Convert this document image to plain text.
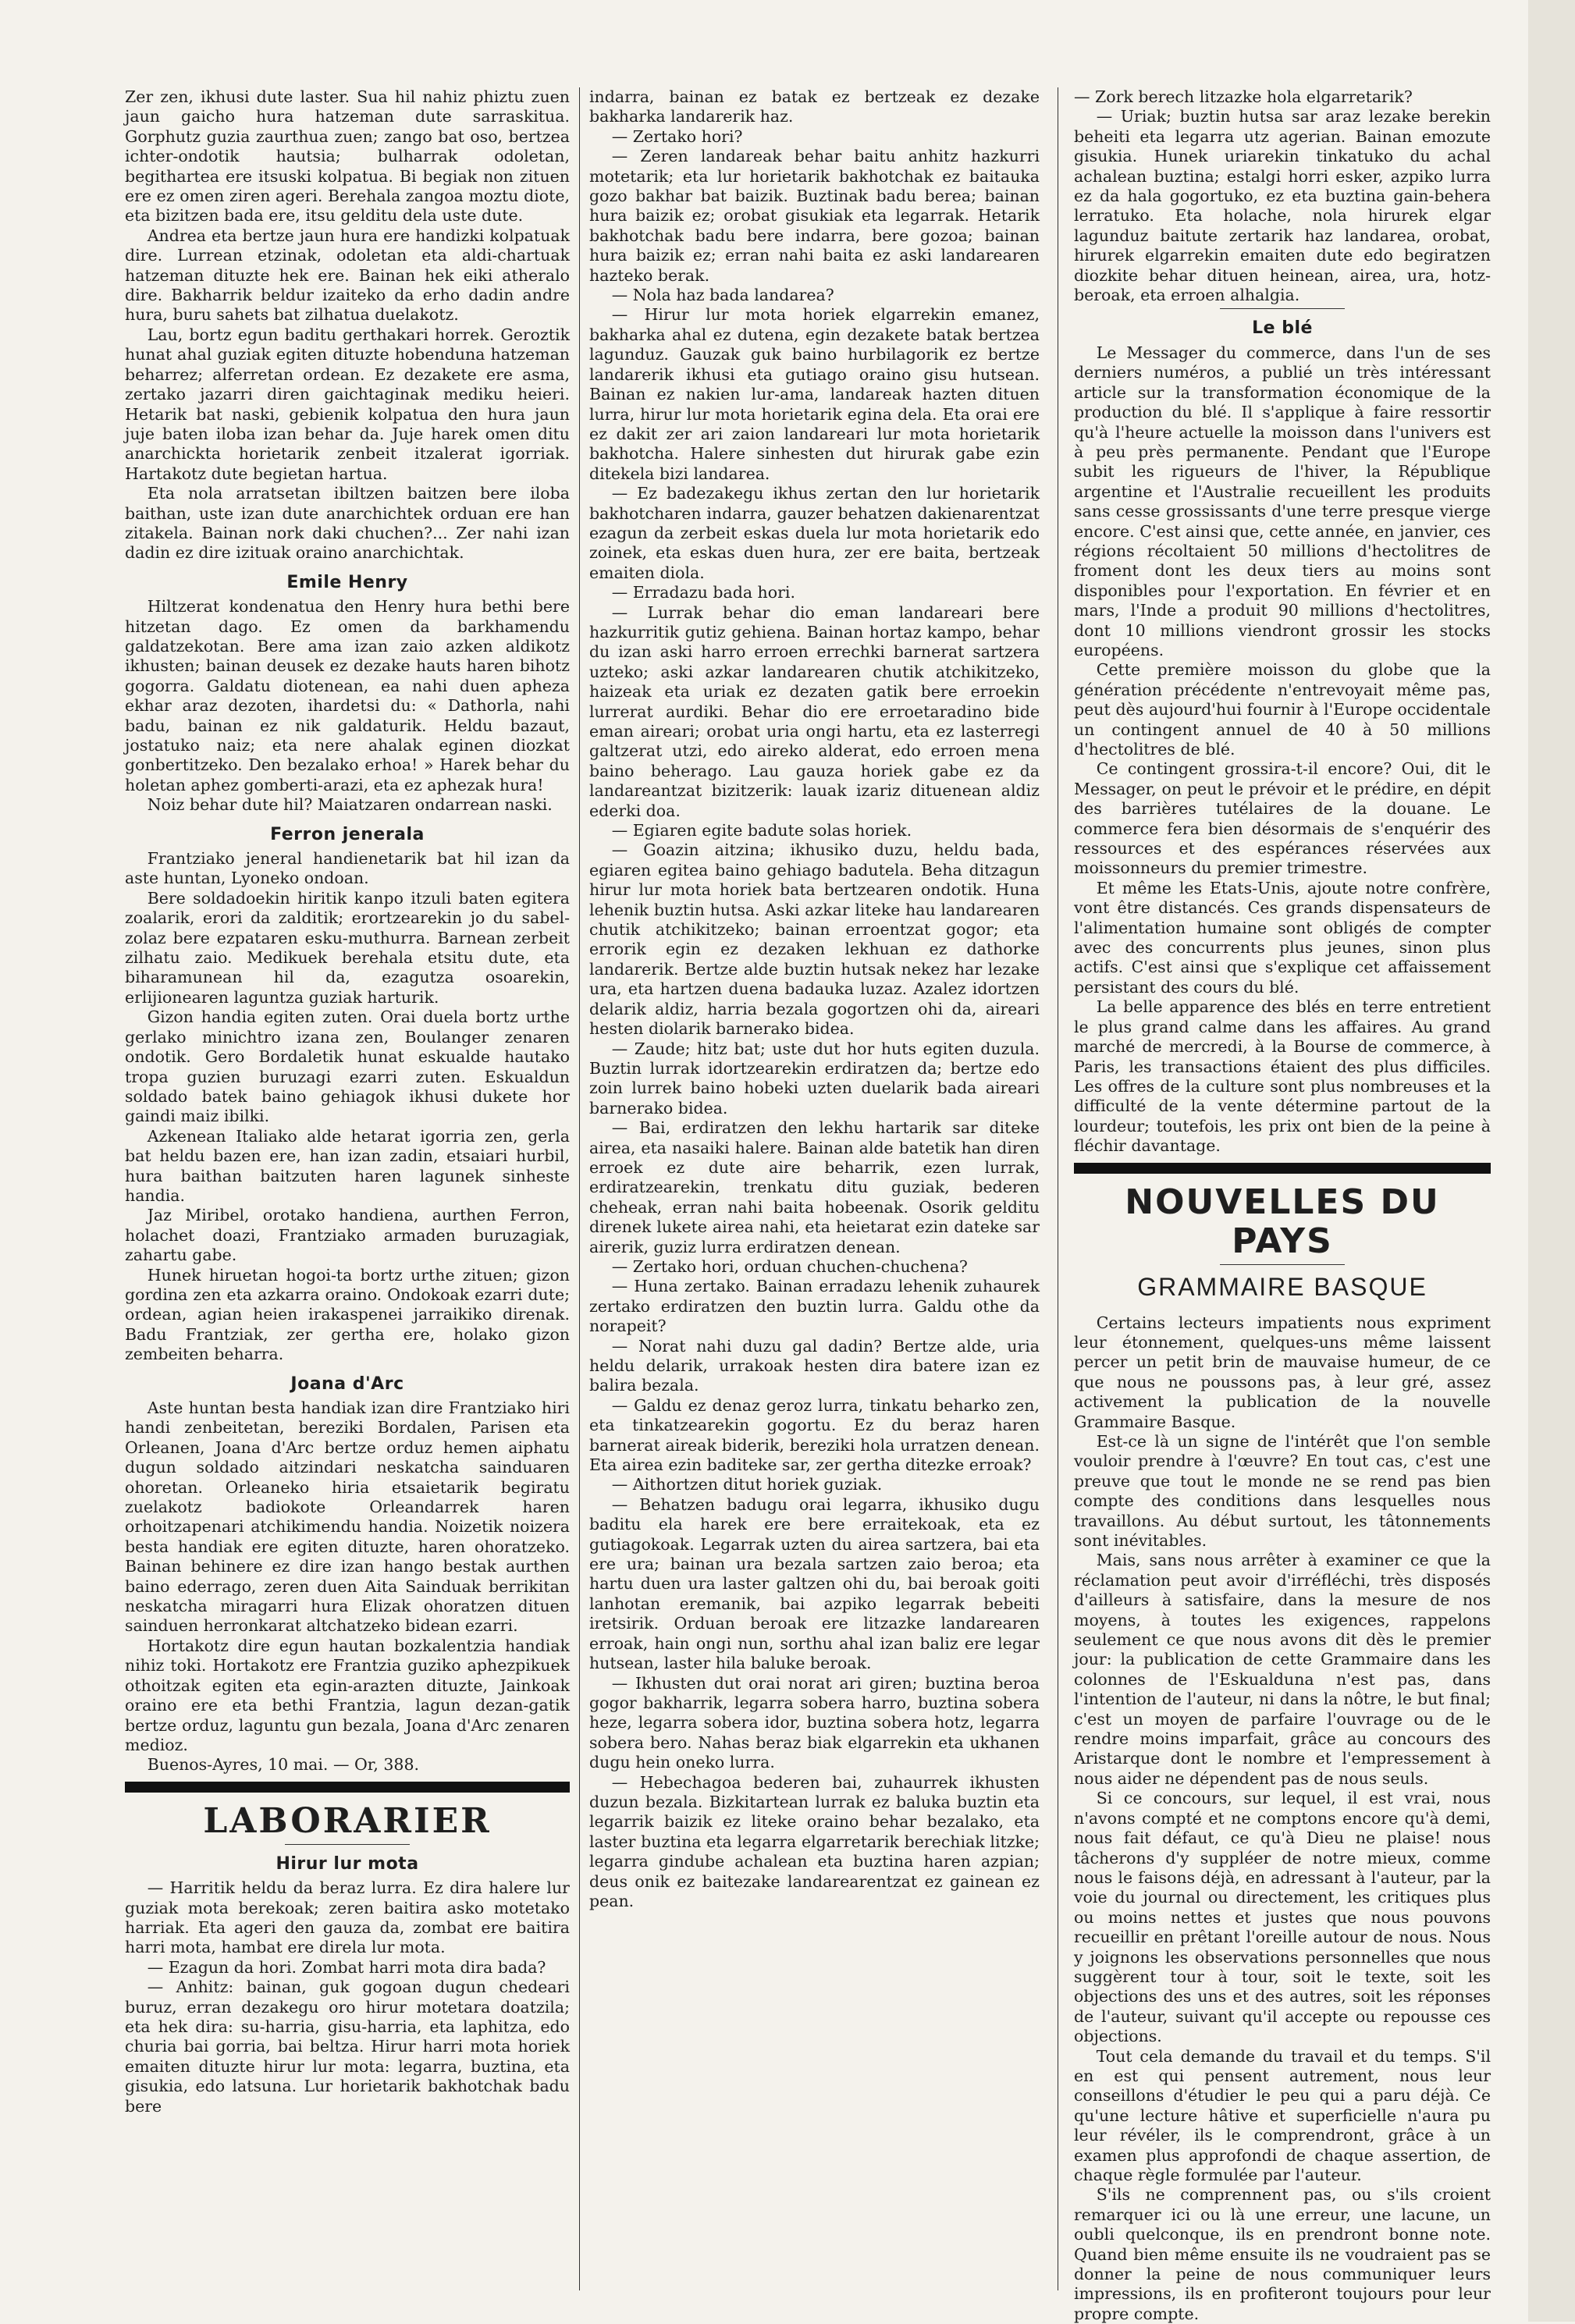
Zer zen, ikhusi dute laster. Sua hil nahiz phiztu zuen jaun gaicho hura hatzeman dute sarraskitua. Gorphutz guzia zaurthua zuen; zango bat oso, bertzea ichter-ondotik hautsia; bulharrak odoletan, begithartea ere itsuski kolpatua. Bi begiak non zituen ere ez omen ziren ageri. Berehala zangoa moztu diote, eta bizitzen bada ere, itsu gelditu dela uste dute.

Andrea eta bertze jaun hura ere handizki kolpatuak dire. Lurrean etzinak, odoletan eta aldi-chartuak hatzeman dituzte hek ere. Bainan hek eiki atheralo dire. Bakharrik beldur izaiteko da erho dadin andre hura, buru sahets bat zilhatua duelakotz.

Lau, bortz egun baditu gerthakari horrek. Geroztik hunat ahal guziak egiten dituzte hobenduna hatzeman beharrez; alferretan ordean. Ez dezakete ere asma, zertako jazarri diren gaichtaginak mediku heieri. Hetarik bat naski, gebienik kolpatua den hura jaun juje baten iloba izan behar da. Juje harek omen ditu anarchickta horietarik zenbeit itzalerat igorriak. Hartakotz dute begietan hartua.

Eta nola arratsetan ibiltzen baitzen bere iloba baithan, uste izan dute anarchichtek orduan ere han zitakela. Bainan nork daki chuchen?... Zer nahi izan dadin ez dire izituak oraino anarchichtak.

Emile Henry

Hiltzerat kondenatua den Henry hura bethi bere hitzetan dago. Ez omen da barkhamendu galdatzekotan. Bere ama izan zaio azken aldikotz ikhusten; bainan deusek ez dezake hauts haren bihotz gogorra. Galdatu diotenean, ea nahi duen apheza ekhar araz dezoten, ihardetsi du: « Dathorla, nahi badu, bainan ez nik galdaturik. Heldu bazaut, jostatuko naiz; eta nere ahalak eginen diozkat gonbertitzeko. Den bezalako erhoa! » Harek behar du holetan aphez gomberti-arazi, eta ez aphezak hura!

Noiz behar dute hil? Maiatzaren ondarrean naski.

Ferron jenerala

Frantziako jeneral handienetarik bat hil izan da aste huntan, Lyoneko ondoan.

Bere soldadoekin hiritik kanpo itzuli baten egitera zoalarik, erori da zalditik; erortzearekin jo du sabel-zolaz bere ezpataren esku-muthurra. Barnean zerbeit zilhatu zaio. Medikuek berehala etsitu dute, eta biharamunean hil da, ezagutza osoarekin, erlijionearen laguntza guziak harturik.

Gizon handia egiten zuten. Orai duela bortz urthe gerlako minichtro izana zen, Boulanger zenaren ondotik. Gero Bordaletik hunat eskualde hautako tropa guzien buruzagi ezarri zuten. Eskualdun soldado batek baino gehiagok ikhusi dukete hor gaindi maiz ibilki.

Azkenean Italiako alde hetarat igorria zen, gerla bat heldu bazen ere, han izan zadin, etsaiari hurbil, hura baithan baitzuten haren lagunek sinheste handia.

Jaz Miribel, orotako handiena, aurthen Ferron, holachet doazi, Frantziako armaden buruzagiak, zahartu gabe.

Hunek hiruetan hogoi-ta bortz urthe zituen; gizon gordina zen eta azkarra oraino. Ondokoak ezarri dute; ordean, agian heien irakaspenei jarraikiko direnak. Badu Frantziak, zer gertha ere, holako gizon zembeiten beharra.

Joana d'Arc

Aste huntan besta handiak izan dire Frantziako hiri handi zenbeitetan, bereziki Bordalen, Parisen eta Orleanen, Joana d'Arc bertze orduz hemen aiphatu dugun soldado aitzindari neskatcha sainduaren ohoretan. Orleaneko hiria etsaietarik begiratu zuelakotz badiokote Orleandarrek haren orhoitzapenari atchikimendu handia. Noizetik noizera besta handiak ere egiten dituzte, haren ohoratzeko. Bainan behinere ez dire izan hango bestak aurthen baino ederrago, zeren duen Aita Sainduak berrikitan neskatcha miragarri hura Elizak ohoratzen dituen sainduen herronkarat altchatzeko bidean ezarri.

Hortakotz dire egun hautan bozkalentzia handiak nihiz toki. Hortakotz ere Frantzia guziko aphezpikuek othoitzak egiten eta egin-arazten dituzte, Jainkoak oraino ere eta bethi Frantzia, lagun dezan-gatik bertze orduz, laguntu gun bezala, Joana d'Arc zenaren medioz.

Buenos-Ayres, 10 mai. — Or, 388.

LABORARIER
Hirur lur mota

— Harritik heldu da beraz lurra. Ez dira halere lur guziak mota berekoak; zeren baitira asko motetako harriak. Eta ageri den gauza da, zombat ere baitira harri mota, hambat ere direla lur mota.

— Ezagun da hori. Zombat harri mota dira bada?

— Anhitz: bainan, guk gogoan dugun chedeari buruz, erran dezakegu oro hirur motetara doatzila; eta hek dira: su-harria, gisu-harria, eta laphitza, edo churia bai gorria, bai beltza. Hirur harri mota horiek emaiten dituzte hirur lur mota: legarra, buztina, eta gisukia, edo latsuna. Lur horietarik bakhotchak badu bere

indarra, bainan ez batak ez bertzeak ez dezake bakharka landarerik haz.

— Zertako hori?

— Zeren landareak behar baitu anhitz hazkurri motetarik; eta lur horietarik bakhotchak ez baitauka gozo bakhar bat baizik. Buztinak badu berea; bainan hura baizik ez; orobat gisukiak eta legarrak. Hetarik bakhotchak badu bere indarra, bere gozoa; bainan hura baizik ez; erran nahi baita ez aski landarearen hazteko berak.

— Nola haz bada landarea?

— Hirur lur mota horiek elgarrekin emanez, bakharka ahal ez dutena, egin dezakete batak bertzea lagunduz. Gauzak guk baino hurbilagorik ez bertze landarerik ikhusi eta gutiago oraino gisu hutsean. Bainan ez nakien lur-ama, landareak hazten dituen lurra, hirur lur mota horietarik egina dela. Eta orai ere ez dakit zer ari zaion landareari lur mota horietarik bakhotcha. Halere sinhesten dut hirurak gabe ezin ditekela bizi landarea.

— Ez badezakegu ikhus zertan den lur horietarik bakhotcharen indarra, gauzer behatzen dakienarentzat ezagun da zerbeit eskas duela lur mota horietarik edo zoinek, eta eskas duen hura, zer ere baita, bertzeak emaiten diola.

— Erradazu bada hori.

— Lurrak behar dio eman landareari bere hazkurritik gutiz gehiena. Bainan hortaz kampo, behar du izan aski harro erroen errechki barnerat sartzera uzteko; aski azkar landarearen chutik atchikitzeko, haizeak eta uriak ez dezaten gatik bere erroekin lurrerat aurdiki. Behar dio ere erroetaradino bide eman aireari; orobat uria ongi hartu, eta ez lasterregi galtzerat utzi, edo aireko alderat, edo erroen mena baino beherago. Lau gauza horiek gabe ez da landareantzat bizitzerik: lauak izariz dituenean aldiz ederki doa.

— Egiaren egite badute solas horiek.

— Goazin aitzina; ikhusiko duzu, heldu bada, egiaren egitea baino gehiago badutela. Beha ditzagun hirur lur mota horiek bata bertzearen ondotik. Huna lehenik buztin hutsa. Aski azkar liteke hau landarearen chutik atchikitzeko; bainan erroentzat gogor; eta errorik egin ez dezaken lekhuan ez dathorke landarerik. Bertze alde buztin hutsak nekez har lezake ura, eta hartzen duena badauka luzaz. Azalez idortzen delarik aldiz, harria bezala gogortzen ohi da, aireari hesten diolarik barnerako bidea.

— Zaude; hitz bat; uste dut hor huts egiten duzula. Buztin lurrak idortzearekin erdiratzen da; bertze edo zoin lurrek baino hobeki uzten duelarik bada aireari barnerako bidea.

— Bai, erdiratzen den lekhu hartarik sar diteke airea, eta nasaiki halere. Bainan alde batetik han diren erroek ez dute aire beharrik, ezen lurrak, erdiratzearekin, trenkatu ditu guziak, bederen cheheak, erran nahi baita hobeenak. Osorik gelditu direnek lukete airea nahi, eta heietarat ezin dateke sar airerik, guziz lurra erdiratzen denean.

— Zertako hori, orduan chuchen-chuchena?

— Huna zertako. Bainan erradazu lehenik zuhaurek zertako erdiratzen den buztin lurra. Galdu othe da norapeit?

— Norat nahi duzu gal dadin? Bertze alde, uria heldu delarik, urrakoak hesten dira batere izan ez balira bezala.

— Galdu ez denaz geroz lurra, tinkatu beharko zen, eta tinkatzearekin gogortu. Ez du beraz haren barnerat aireak biderik, bereziki hola urratzen denean. Eta airea ezin baditeke sar, zer gertha ditezke erroak?

— Aithortzen ditut horiek guziak.

— Behatzen badugu orai legarra, ikhusiko dugu baditu ela harek ere bere erraitekoak, eta ez gutiagokoak. Legarrak uzten du airea sartzera, bai eta ere ura; bainan ura bezala sartzen zaio beroa; eta hartu duen ura laster galtzen ohi du, bai beroak goiti lanhotan eremanik, bai azpiko legarrak bebeiti iretsirik. Orduan beroak ere litzazke landarearen erroak, hain ongi nun, sorthu ahal izan baliz ere legar hutsean, laster hila baluke beroak.

— Ikhusten dut orai norat ari giren; buztina beroa gogor bakharrik, legarra sobera harro, buztina sobera heze, legarra sobera idor, buztina sobera hotz, legarra sobera bero. Nahas beraz biak elgarrekin eta ukhanen dugu hein oneko lurra.

— Hebechagoa bederen bai, zuhaurrek ikhusten duzun bezala. Bizkitartean lurrak ez baluka buztin eta legarrik baizik ez liteke oraino behar bezalako, eta laster buztina eta legarra elgarretarik berechiak litzke; legarra gindube achalean eta buztina haren azpian; deus onik ez baitezake landarearentzat ez gainean ez pean.

— Zork berech litzazke hola elgarretarik?

— Uriak; buztin hutsa sar araz lezake berekin beheiti eta legarra utz agerian. Bainan emozute gisukia. Hunek uriarekin tinkatuko du achal achalean buztina; estalgi horri esker, azpiko lurra ez da hala gogortuko, ez eta buztina gain-behera lerratuko. Eta holache, nola hirurek elgar lagunduz baitute zertarik haz landarea, orobat, hirurek elgarrekin emaiten dute edo begiratzen diozkite behar dituen heinean, airea, ura, hotz-beroak, eta erroen alhalgia.

Le blé

Le Messager du commerce, dans l'un de ses derniers numéros, a publié un très intéressant article sur la transformation économique de la production du blé. Il s'applique à faire ressortir qu'à l'heure actuelle la moisson dans l'univers est à peu près permanente. Pendant que l'Europe subit les rigueurs de l'hiver, la République argentine et l'Australie recueillent les produits sans cesse grossissants d'une terre presque vierge encore. C'est ainsi que, cette année, en janvier, ces régions récoltaient 50 millions d'hectolitres de froment dont les deux tiers au moins sont disponibles pour l'exportation. En février et en mars, l'Inde a produit 90 millions d'hectolitres, dont 10 millions viendront grossir les stocks européens.

Cette première moisson du globe que la génération précédente n'entrevoyait même pas, peut dès aujourd'hui fournir à l'Europe occidentale un contingent annuel de 40 à 50 millions d'hectolitres de blé.

Ce contingent grossira-t-il encore? Oui, dit le Messager, on peut le prévoir et le prédire, en dépit des barrières tutélaires de la douane. Le commerce fera bien désormais de s'enquérir des ressources et des espérances réservées aux moissonneurs du premier trimestre.

Et même les Etats-Unis, ajoute notre confrère, vont être distancés. Ces grands dispensateurs de l'alimentation humaine sont obligés de compter avec des concurrents plus jeunes, sinon plus actifs. C'est ainsi que s'explique cet affaissement persistant des cours du blé.

La belle apparence des blés en terre entretient le plus grand calme dans les affaires. Au grand marché de mercredi, à la Bourse de commerce, à Paris, les transactions étaient des plus difficiles. Les offres de la culture sont plus nombreuses et la difficulté de la vente détermine partout de la lourdeur; toutefois, les prix ont bien de la peine à fléchir davantage.

NOUVELLES DU PAYS
GRAMMAIRE BASQUE

Certains lecteurs impatients nous expriment leur étonnement, quelques-uns même laissent percer un petit brin de mauvaise humeur, de ce que nous ne poussons pas, à leur gré, assez activement la publication de la nouvelle Grammaire Basque.

Est-ce là un signe de l'intérêt que l'on semble vouloir prendre à l'œuvre? En tout cas, c'est une preuve que tout le monde ne se rend pas bien compte des conditions dans lesquelles nous travaillons. Au début surtout, les tâtonnements sont inévitables.

Mais, sans nous arrêter à examiner ce que la réclamation peut avoir d'irréfléchi, très disposés d'ailleurs à satisfaire, dans la mesure de nos moyens, à toutes les exigences, rappelons seulement ce que nous avons dit dès le premier jour: la publication de cette Grammaire dans les colonnes de l'Eskualduna n'est pas, dans l'intention de l'auteur, ni dans la nôtre, le but final; c'est un moyen de parfaire l'ouvrage ou de le rendre moins imparfait, grâce au concours des Aristarque dont le nombre et l'empressement à nous aider ne dépendent pas de nous seuls.

Si ce concours, sur lequel, il est vrai, nous n'avons compté et ne comptons encore qu'à demi, nous fait défaut, ce qu'à Dieu ne plaise! nous tâcherons d'y suppléer de notre mieux, comme nous le faisons déjà, en adressant à l'auteur, par la voie du journal ou directement, les critiques plus ou moins nettes et justes que nous pouvons recueillir en prêtant l'oreille autour de nous. Nous y joignons les observations personnelles que nous suggèrent tour à tour, soit le texte, soit les objections des uns et des autres, soit les réponses de l'auteur, suivant qu'il accepte ou repousse ces objections.

Tout cela demande du travail et du temps. S'il en est qui pensent autrement, nous leur conseillons d'étudier le peu qui a paru déjà. Ce qu'une lecture hâtive et superficielle n'aura pu leur révéler, ils le comprendront, grâce à un examen plus approfondi de chaque assertion, de chaque règle formulée par l'auteur.

S'ils ne comprennent pas, ou s'ils croient remarquer ici ou là une erreur, une lacune, un oubli quelconque, ils en prendront bonne note. Quand bien même ensuite ils ne voudraient pas se donner la peine de nous communiquer leurs impressions, ils en profiteront toujours pour leur propre compte.
